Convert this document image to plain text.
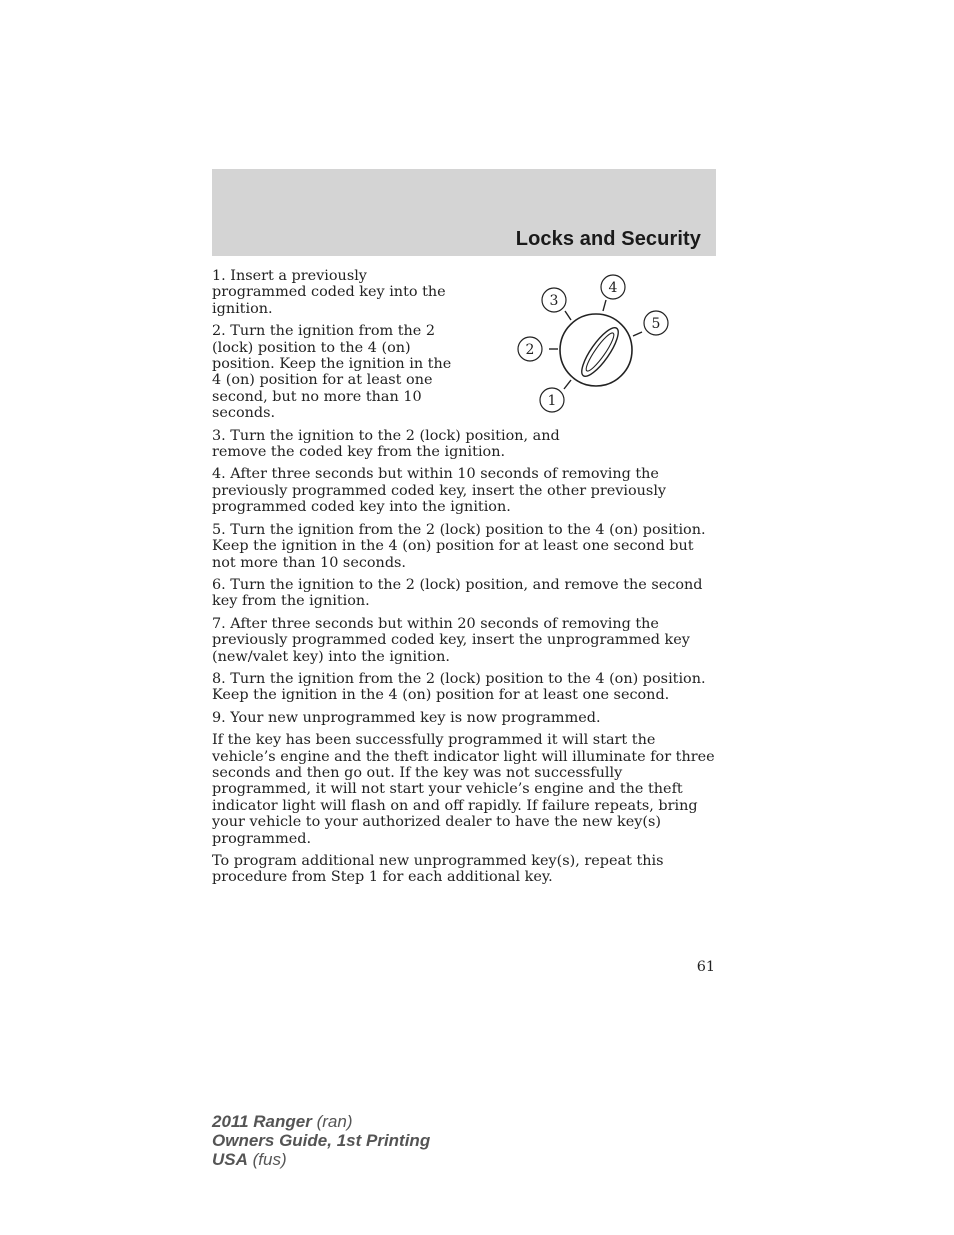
Locks and Security
1
2
3
4
5

1. Insert a previously programmed coded key into the ignition.

2. Turn the ignition from the 2 (lock) position to the 4 (on) position. Keep the ignition in the 4 (on) position for at least one second, but no more than 10 seconds.

3. Turn the ignition to the 2 (lock) position, and remove the coded key from the ignition.

4. After three seconds but within 10 seconds of removing the previously programmed coded key, insert the other previously programmed coded key into the ignition.

5. Turn the ignition from the 2 (lock) position to the 4 (on) position. Keep the ignition in the 4 (on) position for at least one second but not more than 10 seconds.

6. Turn the ignition to the 2 (lock) position, and remove the second key from the ignition.

7. After three seconds but within 20 seconds of removing the previously programmed coded key, insert the unprogrammed key (new/valet key) into the ignition.

8. Turn the ignition from the 2 (lock) position to the 4 (on) position. Keep the ignition in the 4 (on) position for at least one second.

9. Your new unprogrammed key is now programmed.

If the key has been successfully programmed it will start the vehicle’s engine and the theft indicator light will illuminate for three seconds and then go out. If the key was not successfully programmed, it will not start your vehicle’s engine and the theft indicator light will flash on and off rapidly. If failure repeats, bring your vehicle to your authorized dealer to have the new key(s) programmed.

To program additional new unprogrammed key(s), repeat this procedure from Step 1 for each additional key.

61
2011 Ranger (ran)
Owners Guide, 1st Printing
USA (fus)
